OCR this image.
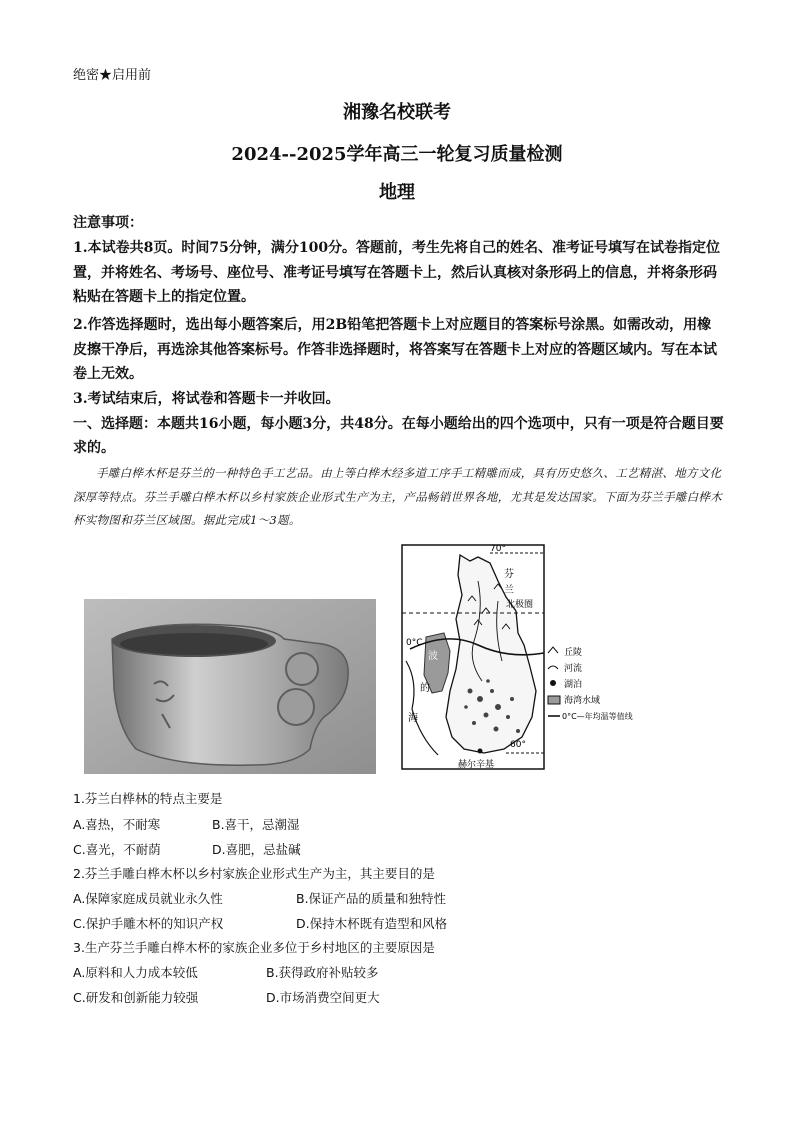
绝密★启用前
湘豫名校联考
2024--2025学年高三一轮复习质量检测
地理
注意事项：
1.本试卷共8页。时间75分钟，满分100分。答题前，考生先将自己的姓名、准考证号填写在试卷指定位置，并将姓名、考场号、座位号、准考证号填写在答题卡上，然后认真核对条形码上的信息，并将条形码粘贴在答题卡上的指定位置。
2.作答选择题时，选出每小题答案后，用2B铅笔把答题卡上对应题目的答案标号涂黑。如需改动，用橡皮擦干净后，再选涂其他答案标号。作答非选择题时，将答案写在答题卡上对应的答题区域内。写在本试卷上无效。
3.考试结束后，将试卷和答题卡一并收回。
一、选择题：本题共16小题，每小题3分，共48分。在每小题给出的四个选项中，只有一项是符合题目要求的。
手雕白桦木杯是芬兰的一种特色手工艺品。由上等白桦木经多道工序手工精雕而成，具有历史悠久、工艺精湛、地方文化深厚等特点。芬兰手雕白桦木杯以乡村家族企业形式生产为主，产品畅销世界各地，尤其是发达国家。下面为芬兰手雕白桦木杯实物图和芬兰区域图。据此完成1～3题。
70°
北极圈
60°
0°C
波
的
海
芬
兰
赫尔辛基
丘陵
河流
湖泊
海湾水域
0°C—年均温等值线
1.芬兰白桦林的特点主要是
A.喜热，不耐寒	B.喜干，忌潮湿
C.喜光，不耐荫	D.喜肥，忌盐碱
2.芬兰手雕白桦木杯以乡村家族企业形式生产为主，其主要目的是
A.保障家庭成员就业永久性	B.保证产品的质量和独特性
C.保护手雕木杯的知识产权	D.保持木杯既有造型和风格
3.生产芬兰手雕白桦木杯的家族企业多位于乡村地区的主要原因是
A.原料和人力成本较低	B.获得政府补贴较多
C.研发和创新能力较强	D.市场消费空间更大
